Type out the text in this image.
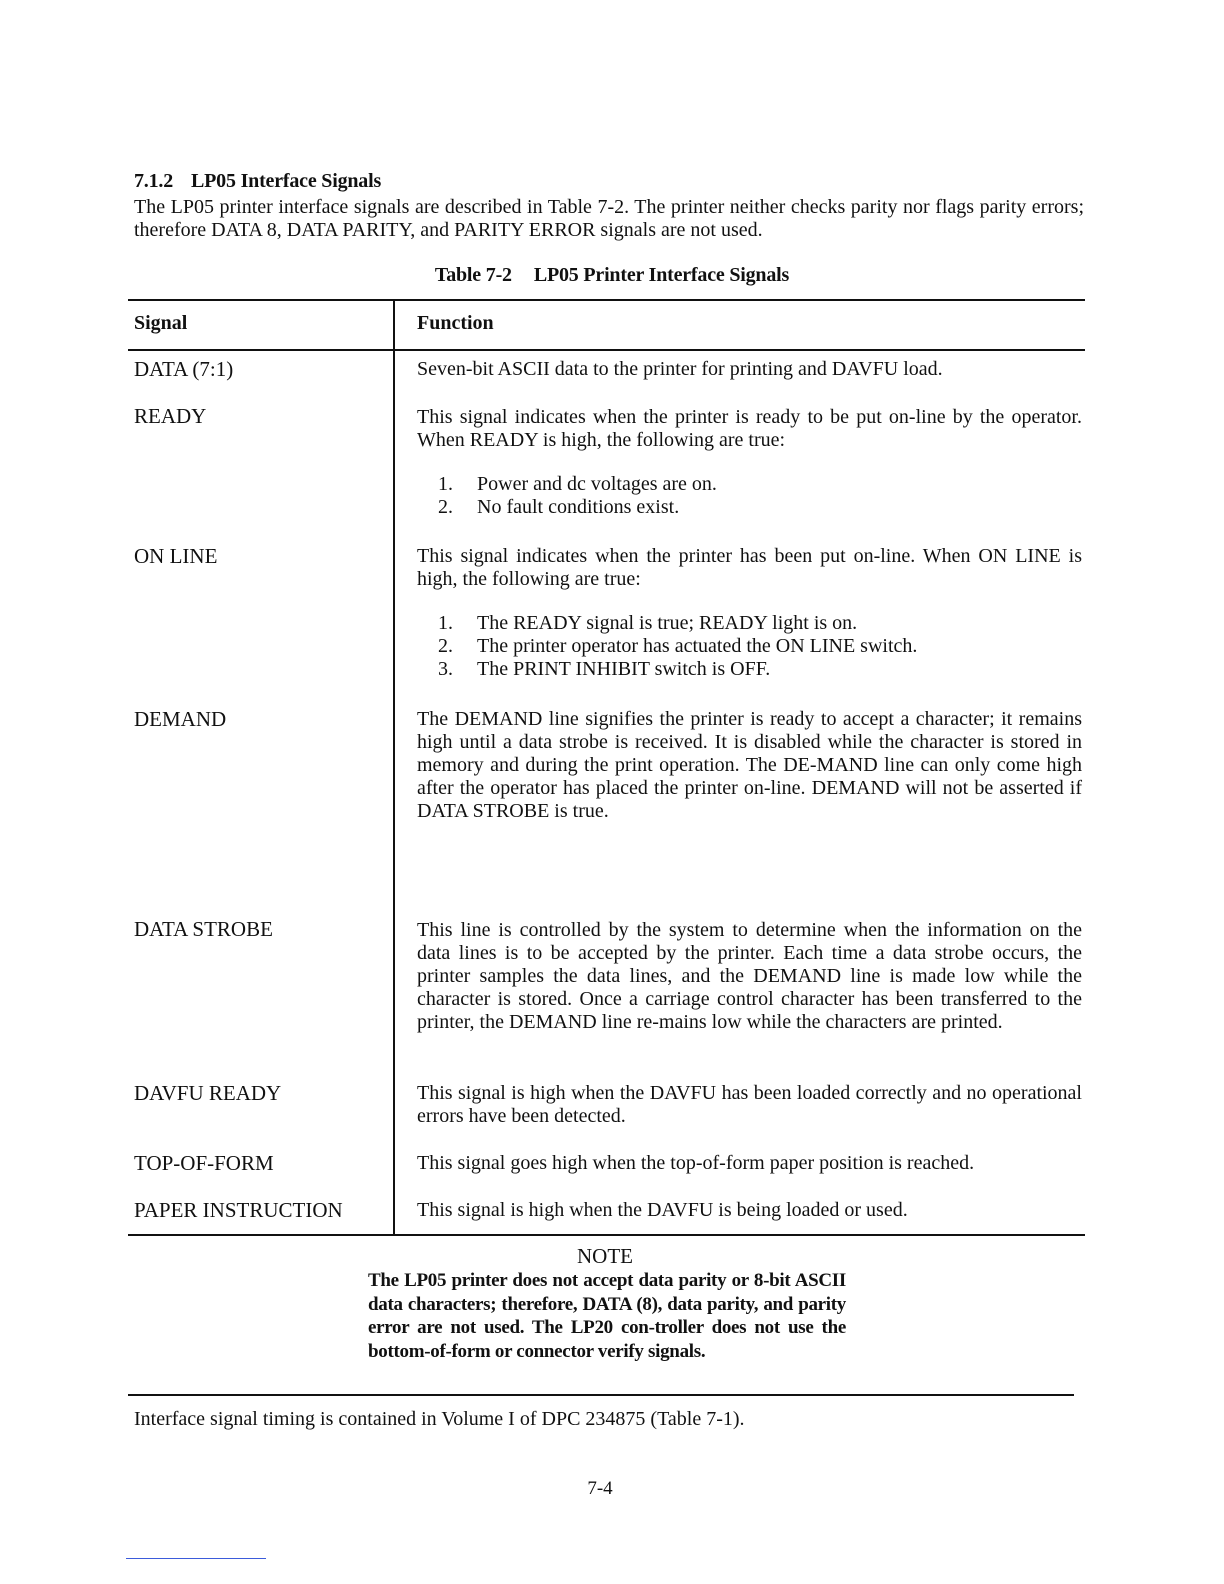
7.1.2 LP05 Interface Signals
The LP05 printer interface signals are described in Table 7-2. The printer neither checks parity nor flags parity errors; therefore DATA 8, DATA PARITY, and PARITY ERROR signals are not used.
Table 7-2 LP05 Printer Interface Signals
Signal	Function
DATA (7:1)	Seven-bit ASCII data to the printer for printing and DAVFU load.

READY	This signal indicates when the printer is ready to be put on-line by the operator. When READY is high, the following are true:

1.	Power and dc voltages are on.
2.	No fault conditions exist.
ON LINE	This signal indicates when the printer has been put on-line. When ON LINE is high, the following are true:

1.	The READY signal is true; READY light is on.
2.	The printer operator has actuated the ON LINE switch.
3.	The PRINT INHIBIT switch is OFF.
DEMAND	The DEMAND line signifies the printer is ready to accept a character; it remains high until a data strobe is received. It is disabled while the character is stored in memory and during the print operation. The DE-MAND line can only come high after the operator has placed the printer on-line. DEMAND will not be asserted if DATA STROBE is true.

DATA STROBE	This line is controlled by the system to determine when the information on the data lines is to be accepted by the printer. Each time a data strobe occurs, the printer samples the data lines, and the DEMAND line is made low while the character is stored. Once a carriage control character has been transferred to the printer, the DEMAND line re-mains low while the characters are printed.

DAVFU READY	This signal is high when the DAVFU has been loaded correctly and no operational errors have been detected.

TOP-OF-FORM	This signal goes high when the top-of-form paper position is reached.

PAPER INSTRUCTION	This signal is high when the DAVFU is being loaded or used.

NOTE
The LP05 printer does not accept data parity or 8-bit ASCII data characters; therefore, DATA (8), data parity, and parity error are not used. The LP20 con-troller does not use the bottom-of-form or connector verify signals.
Interface signal timing is contained in Volume I of DPC 234875 (Table 7-1).
7-4
